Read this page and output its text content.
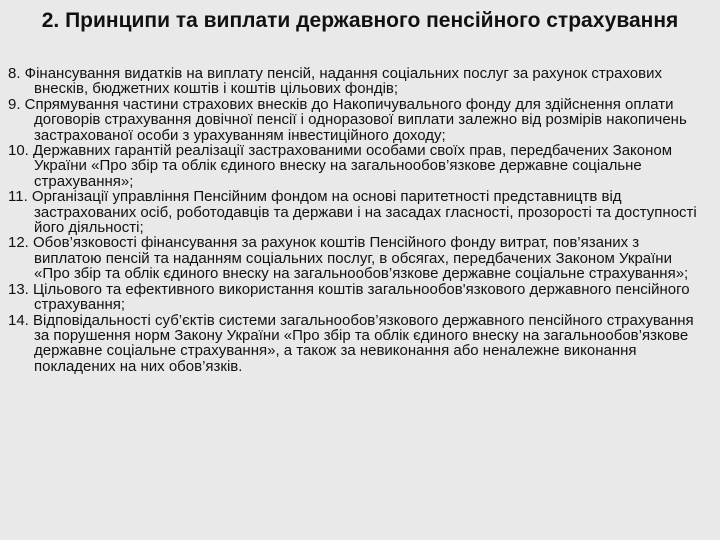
2. Принципи та виплати державного пенсійного страхування
8. Фінансування видатків на виплату пенсій, надання соціальних послуг за рахунок страхових внесків, бюджетних коштів і коштів цільових фондів;
9. Спрямування частини страхових внесків до Накопичувального фонду для здійснення оплати договорів страхування довічної пенсії і одноразової виплати залежно від розмірів накопичень застрахованої особи з урахуванням інвестиційного доходу;
10. Державних гарантій реалізації застрахованими особами своїх прав, передбачених Законом України «Про збір та облік єдиного внеску на загальнообов’язкове державне соціальне страхування»;
11. Організації управління Пенсійним фондом на основі паритетності представництв від застрахованих осіб, роботодавців та держави і на засадах гласності, прозорості та доступності його діяльності;
12. Обов’язковості фінансування за рахунок коштів Пенсійного фонду витрат, пов’язаних з виплатою пенсій та наданням соціальних послуг, в обсягах, передбачених Законом України «Про збір та облік єдиного внеску на загальнообов’язкове державне соціальне страхування»;
13. Цільового та ефективного використання коштів загальнообов'язкового державного пенсійного страхування;
14. Відповідальності суб’єктів системи загальнообов’язкового державного пенсійного страхування за порушення норм Закону України «Про збір та облік єдиного внеску на загальнообов’язкове державне соціальне страхування», а також за невиконання або неналежне виконання покладених на них обов’язків.
